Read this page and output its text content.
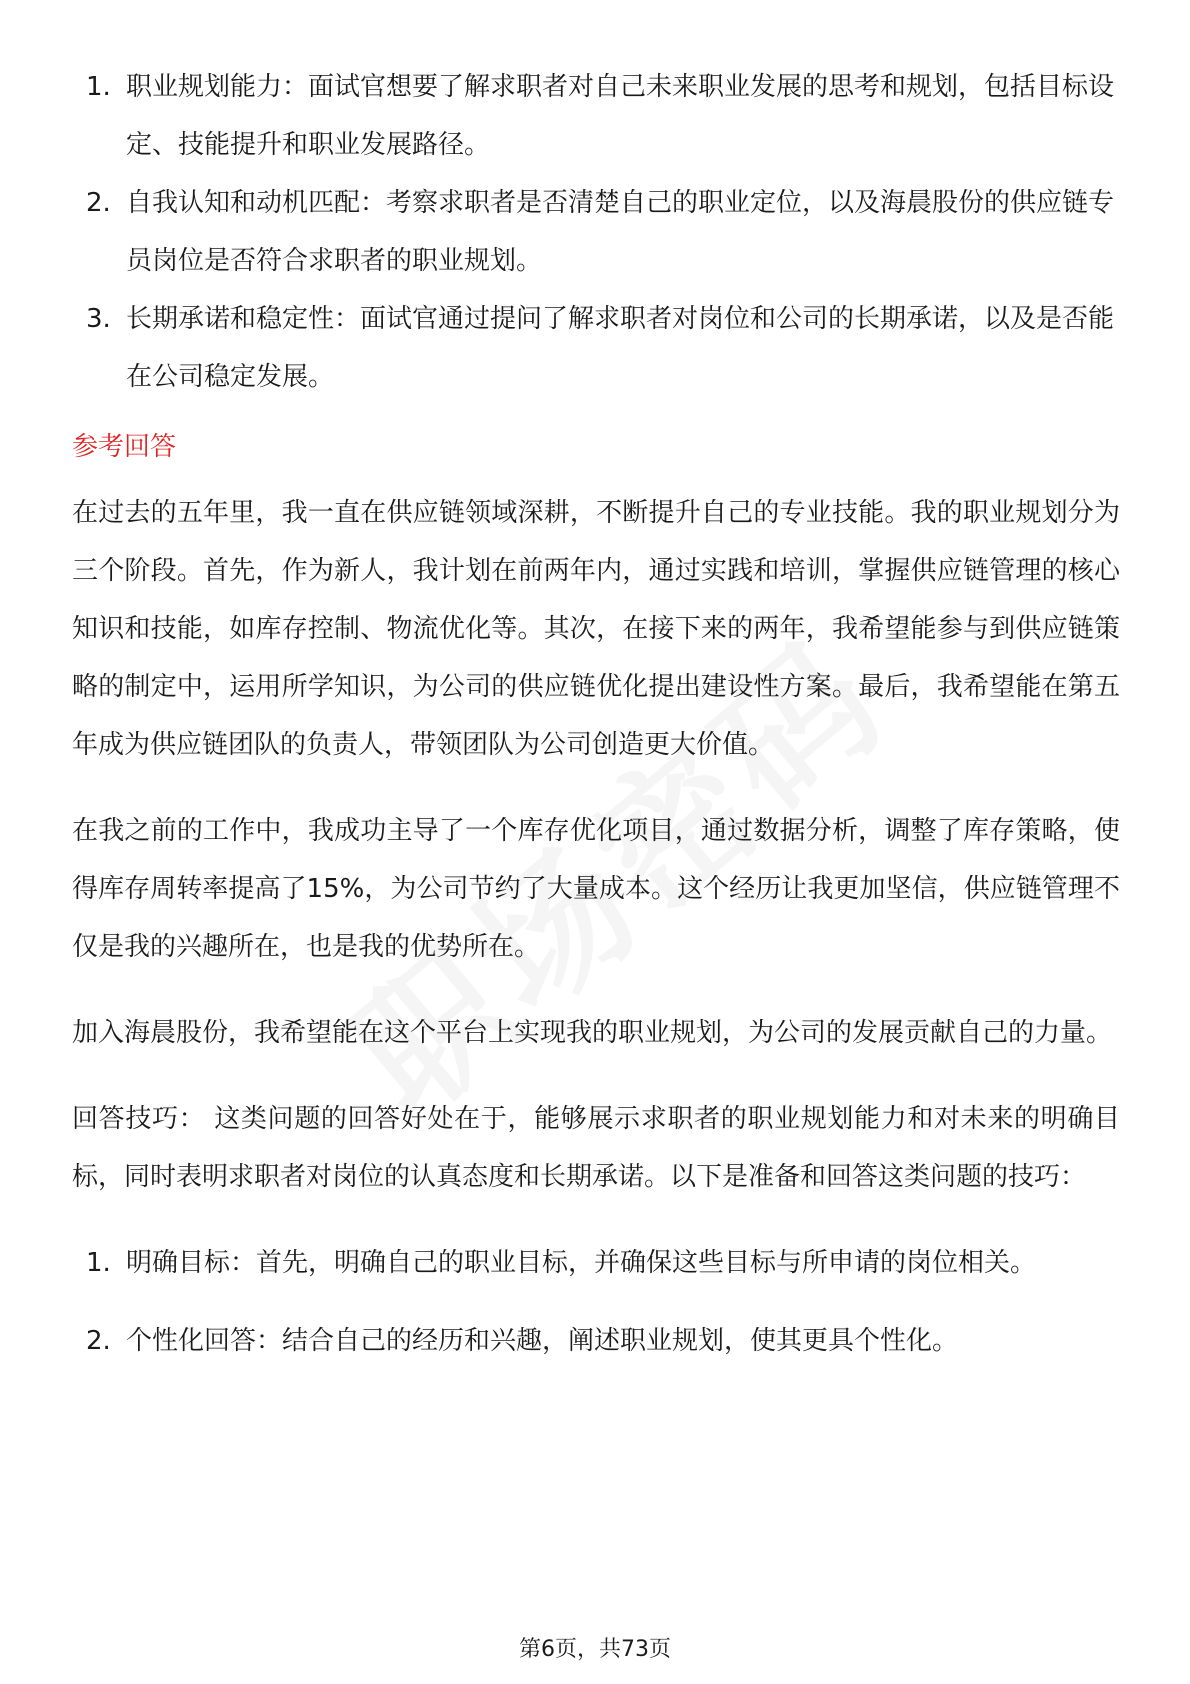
1. 职业规划能力：面试官想要了解求职者对自己未来职业发展的思考和规划，包括目标设定、技能提升和职业发展路径。
2. 自我认知和动机匹配：考察求职者是否清楚自己的职业定位，以及海晨股份的供应链专员岗位是否符合求职者的职业规划。
3. 长期承诺和稳定性：面试官通过提问了解求职者对岗位和公司的长期承诺，以及是否能在公司稳定发展。
参考回答

在过去的五年里，我一直在供应链领域深耕，不断提升自己的专业技能。我的职业规划分为三个阶段。首先，作为新人，我计划在前两年内，通过实践和培训，掌握供应链管理的核心知识和技能，如库存控制、物流优化等。其次，在接下来的两年，我希望能参与到供应链策略的制定中，运用所学知识，为公司的供应链优化提出建设性方案。最后，我希望能在第五年成为供应链团队的负责人，带领团队为公司创造更大价值。

在我之前的工作中，我成功主导了一个库存优化项目，通过数据分析，调整了库存策略，使得库存周转率提高了15%，为公司节约了大量成本。这个经历让我更加坚信，供应链管理不仅是我的兴趣所在，也是我的优势所在。

加入海晨股份，我希望能在这个平台上实现我的职业规划，为公司的发展贡献自己的力量。

回答技巧： 这类问题的回答好处在于，能够展示求职者的职业规划能力和对未来的明确目标，同时表明求职者对岗位的认真态度和长期承诺。以下是准备和回答这类问题的技巧：

1. 明确目标：首先，明确自己的职业目标，并确保这些目标与所申请的岗位相关。
2. 个性化回答：结合自己的经历和兴趣，阐述职业规划，使其更具个性化。
第6页，共73页
